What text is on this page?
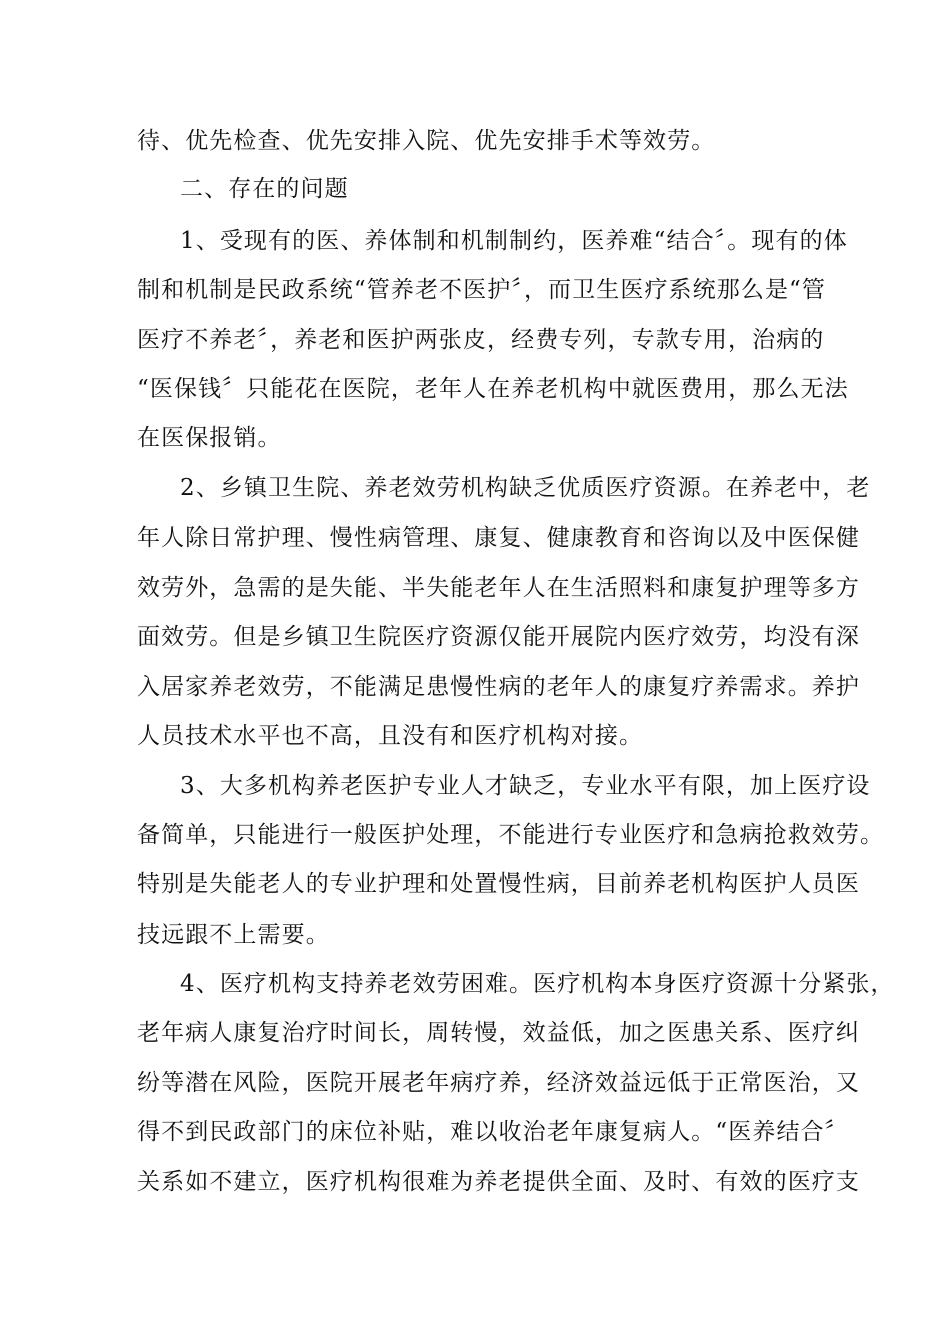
待、优先检查、优先安排入院、优先安排手术等效劳。
二、存在的问题
1、受现有的医、养体制和机制制约，医养难“结合〞。现有的体
制和机制是民政系统“管养老不医护〞，而卫生医疗系统那么是“管
医疗不养老〞，养老和医护两张皮，经费专列，专款专用，治病的
“医保钱〞只能花在医院，老年人在养老机构中就医费用，那么无法
在医保报销。
2、乡镇卫生院、养老效劳机构缺乏优质医疗资源。在养老中，老
年人除日常护理、慢性病管理、康复、健康教育和咨询以及中医保健
效劳外，急需的是失能、半失能老年人在生活照料和康复护理等多方
面效劳。但是乡镇卫生院医疗资源仅能开展院内医疗效劳，均没有深
入居家养老效劳，不能满足患慢性病的老年人的康复疗养需求。养护
人员技术水平也不高，且没有和医疗机构对接。
3、大多机构养老医护专业人才缺乏，专业水平有限，加上医疗设
备简单，只能进行一般医护处理，不能进行专业医疗和急病抢救效劳。
特别是失能老人的专业护理和处置慢性病，目前养老机构医护人员医
技远跟不上需要。
4、医疗机构支持养老效劳困难。医疗机构本身医疗资源十分紧张，
老年病人康复治疗时间长，周转慢，效益低，加之医患关系、医疗纠
纷等潜在风险，医院开展老年病疗养，经济效益远低于正常医治，又
得不到民政部门的床位补贴，难以收治老年康复病人。“医养结合〞
关系如不建立，医疗机构很难为养老提供全面、及时、有效的医疗支
